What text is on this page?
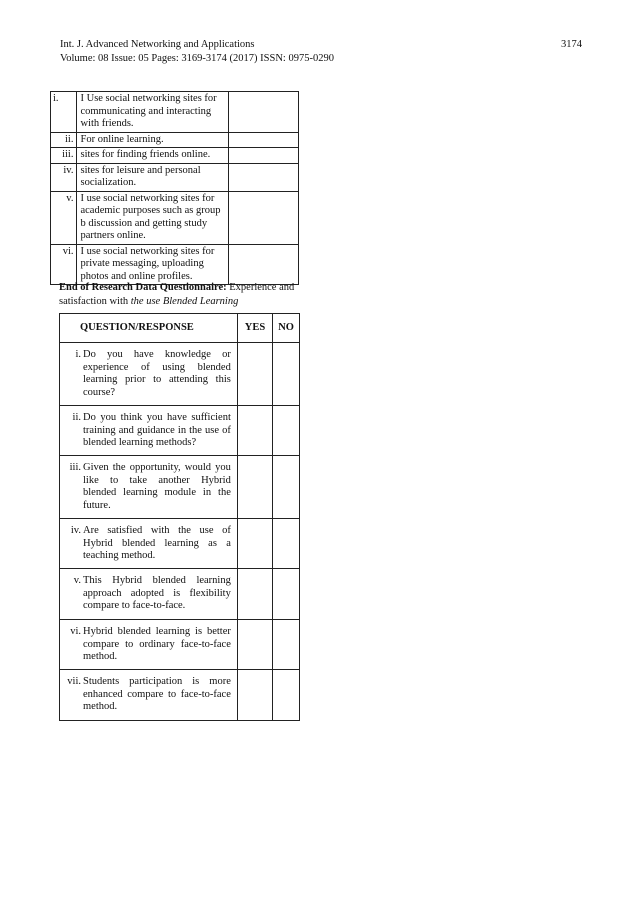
Int. J. Advanced Networking and Applications
Volume: 08 Issue: 05 Pages: 3169-3174 (2017) ISSN: 0975-0290
3174
i.	I Use social networking sites for communicating and interacting with friends.	
ii.	For online learning.	
iii.	sites for finding friends online.	
iv.	sites for leisure and personal socialization.	
v.	I use social networking sites for academic purposes such as group b discussion and getting study partners online.	
vi.	I use social networking sites for private messaging, uploading photos and online profiles.	
End of Research Data Questionnaire: Experience and satisfaction with the use Blended Learning
QUESTION/RESPONSE	YES	NO

i. Do you have knowledge or experience of using blended learning prior to attending this course?		

ii. Do you think you have sufficient training and guidance in the use of blended learning methods?		

iii. Given the opportunity, would you like to take another Hybrid blended learning module in the future.		

iv. Are satisfied with the use of Hybrid blended learning as a teaching method.		

v. This Hybrid blended learning approach adopted is flexibility compare to face-to-face.		

vi. Hybrid blended learning is better compare to ordinary face-to-face method.		

vii. Students participation is more enhanced compare to face-to-face method.		
